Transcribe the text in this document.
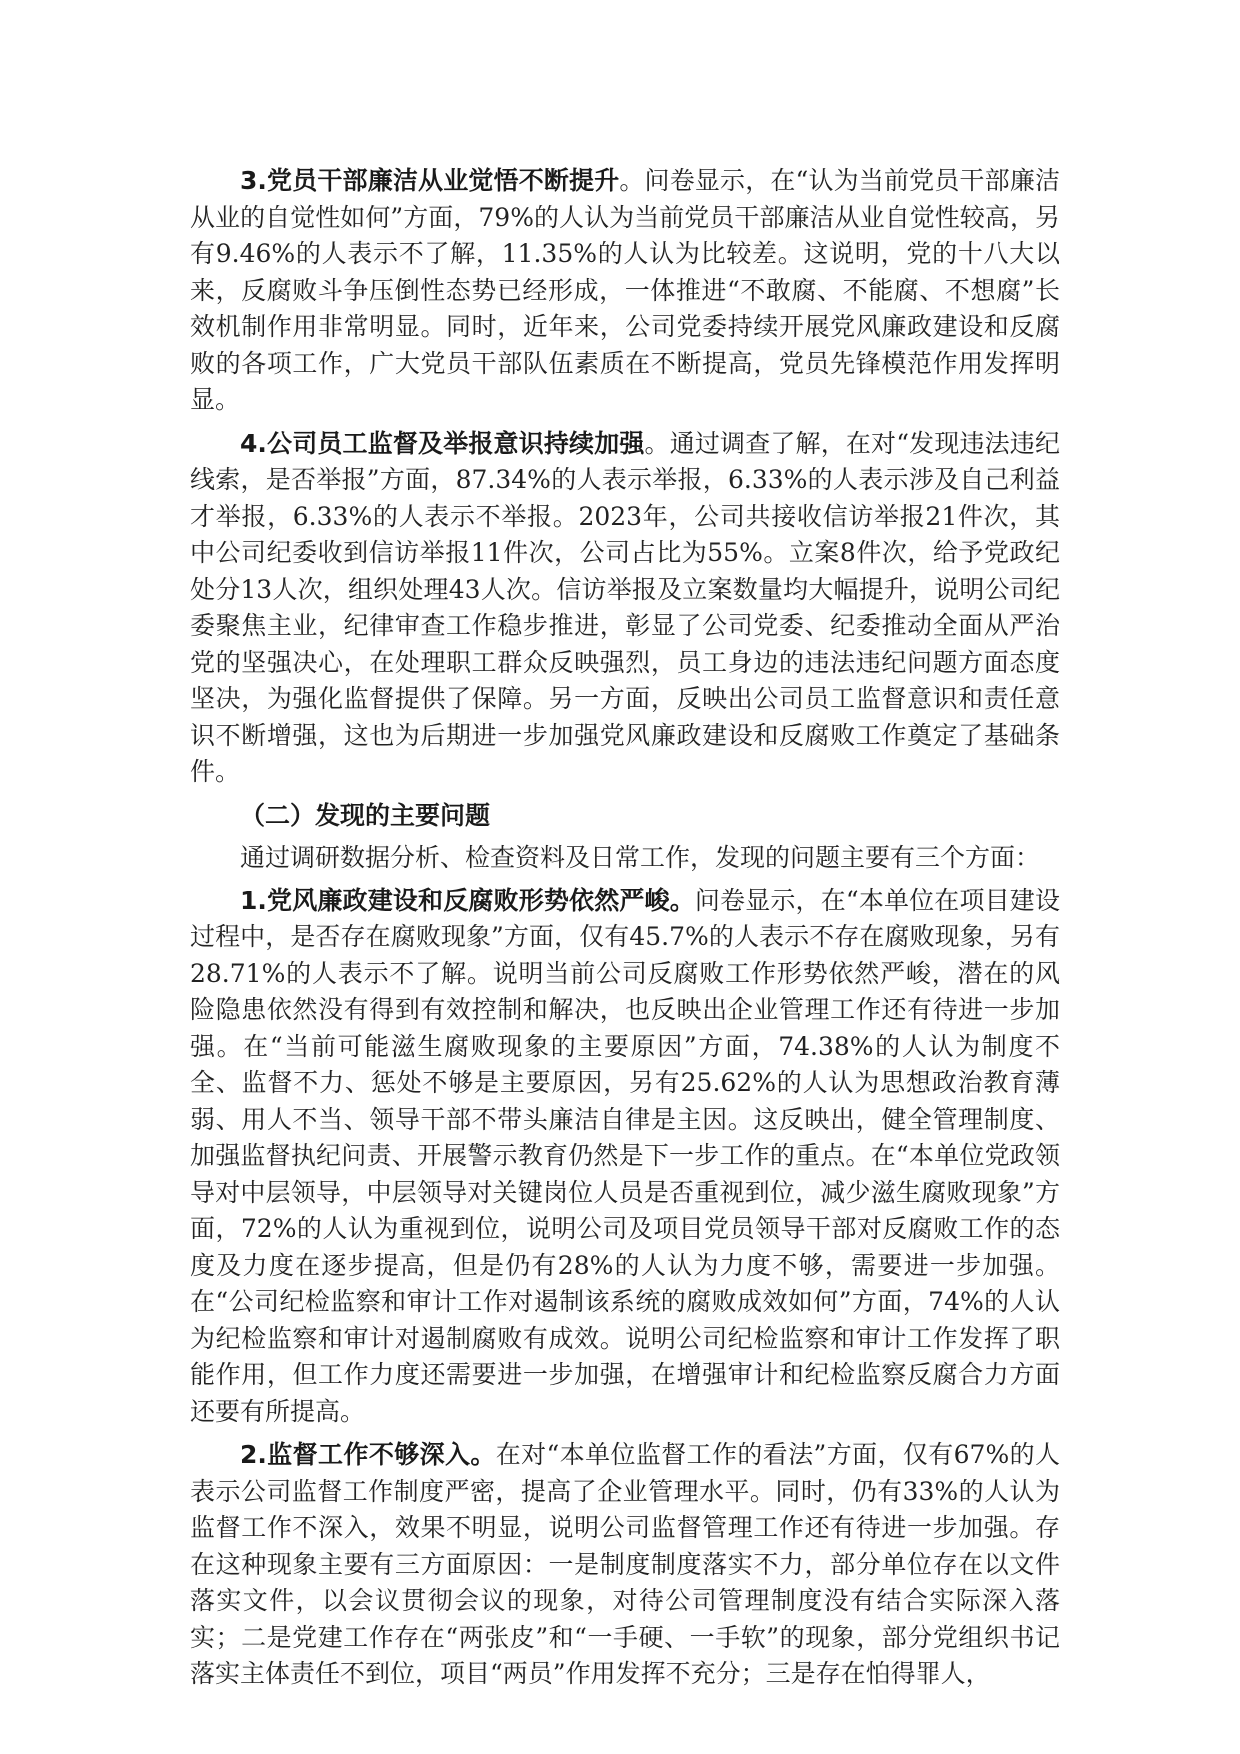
3.党员干部廉洁从业觉悟不断提升。问卷显示，在“认为当前党员干部廉洁从业的自觉性如何”方面，79%的人认为当前党员干部廉洁从业自觉性较高，另有9.46%的人表示不了解，11.35%的人认为比较差。这说明，党的十八大以来，反腐败斗争压倒性态势已经形成，一体推进“不敢腐、不能腐、不想腐”长效机制作用非常明显。同时，近年来，公司党委持续开展党风廉政建设和反腐败的各项工作，广大党员干部队伍素质在不断提高，党员先锋模范作用发挥明显。

4.公司员工监督及举报意识持续加强。通过调查了解，在对“发现违法违纪线索，是否举报”方面，87.34%的人表示举报，6.33%的人表示涉及自己利益才举报，6.33%的人表示不举报。2023年，公司共接收信访举报21件次，其中公司纪委收到信访举报11件次，公司占比为55%。立案8件次，给予党政纪处分13人次，组织处理43人次。信访举报及立案数量均大幅提升，说明公司纪委聚焦主业，纪律审查工作稳步推进，彰显了公司党委、纪委推动全面从严治党的坚强决心，在处理职工群众反映强烈，员工身边的违法违纪问题方面态度坚决，为强化监督提供了保障。另一方面，反映出公司员工监督意识和责任意识不断增强，这也为后期进一步加强党风廉政建设和反腐败工作奠定了基础条件。

（二）发现的主要问题

通过调研数据分析、检查资料及日常工作，发现的问题主要有三个方面：

1.党风廉政建设和反腐败形势依然严峻。问卷显示，在“本单位在项目建设过程中，是否存在腐败现象”方面，仅有45.7%的人表示不存在腐败现象，另有28.71%的人表示不了解。说明当前公司反腐败工作形势依然严峻，潜在的风险隐患依然没有得到有效控制和解决，也反映出企业管理工作还有待进一步加强。在“当前可能滋生腐败现象的主要原因”方面，74.38%的人认为制度不全、监督不力、惩处不够是主要原因，另有25.62%的人认为思想政治教育薄弱、用人不当、领导干部不带头廉洁自律是主因。这反映出，健全管理制度、加强监督执纪问责、开展警示教育仍然是下一步工作的重点。在“本单位党政领导对中层领导，中层领导对关键岗位人员是否重视到位，减少滋生腐败现象”方面，72%的人认为重视到位，说明公司及项目党员领导干部对反腐败工作的态度及力度在逐步提高，但是仍有28%的人认为力度不够，需要进一步加强。在“公司纪检监察和审计工作对遏制该系统的腐败成效如何”方面，74%的人认为纪检监察和审计对遏制腐败有成效。说明公司纪检监察和审计工作发挥了职能作用，但工作力度还需要进一步加强，在增强审计和纪检监察反腐合力方面还要有所提高。

2.监督工作不够深入。在对“本单位监督工作的看法”方面，仅有67%的人表示公司监督工作制度严密，提高了企业管理水平。同时，仍有33%的人认为监督工作不深入，效果不明显，说明公司监督管理工作还有待进一步加强。存在这种现象主要有三方面原因：一是制度制度落实不力，部分单位存在以文件落实文件，以会议贯彻会议的现象，对待公司管理制度没有结合实际深入落实；二是党建工作存在“两张皮”和“一手硬、一手软”的现象，部分党组织书记落实主体责任不到位，项目“两员”作用发挥不充分；三是存在怕得罪人，
